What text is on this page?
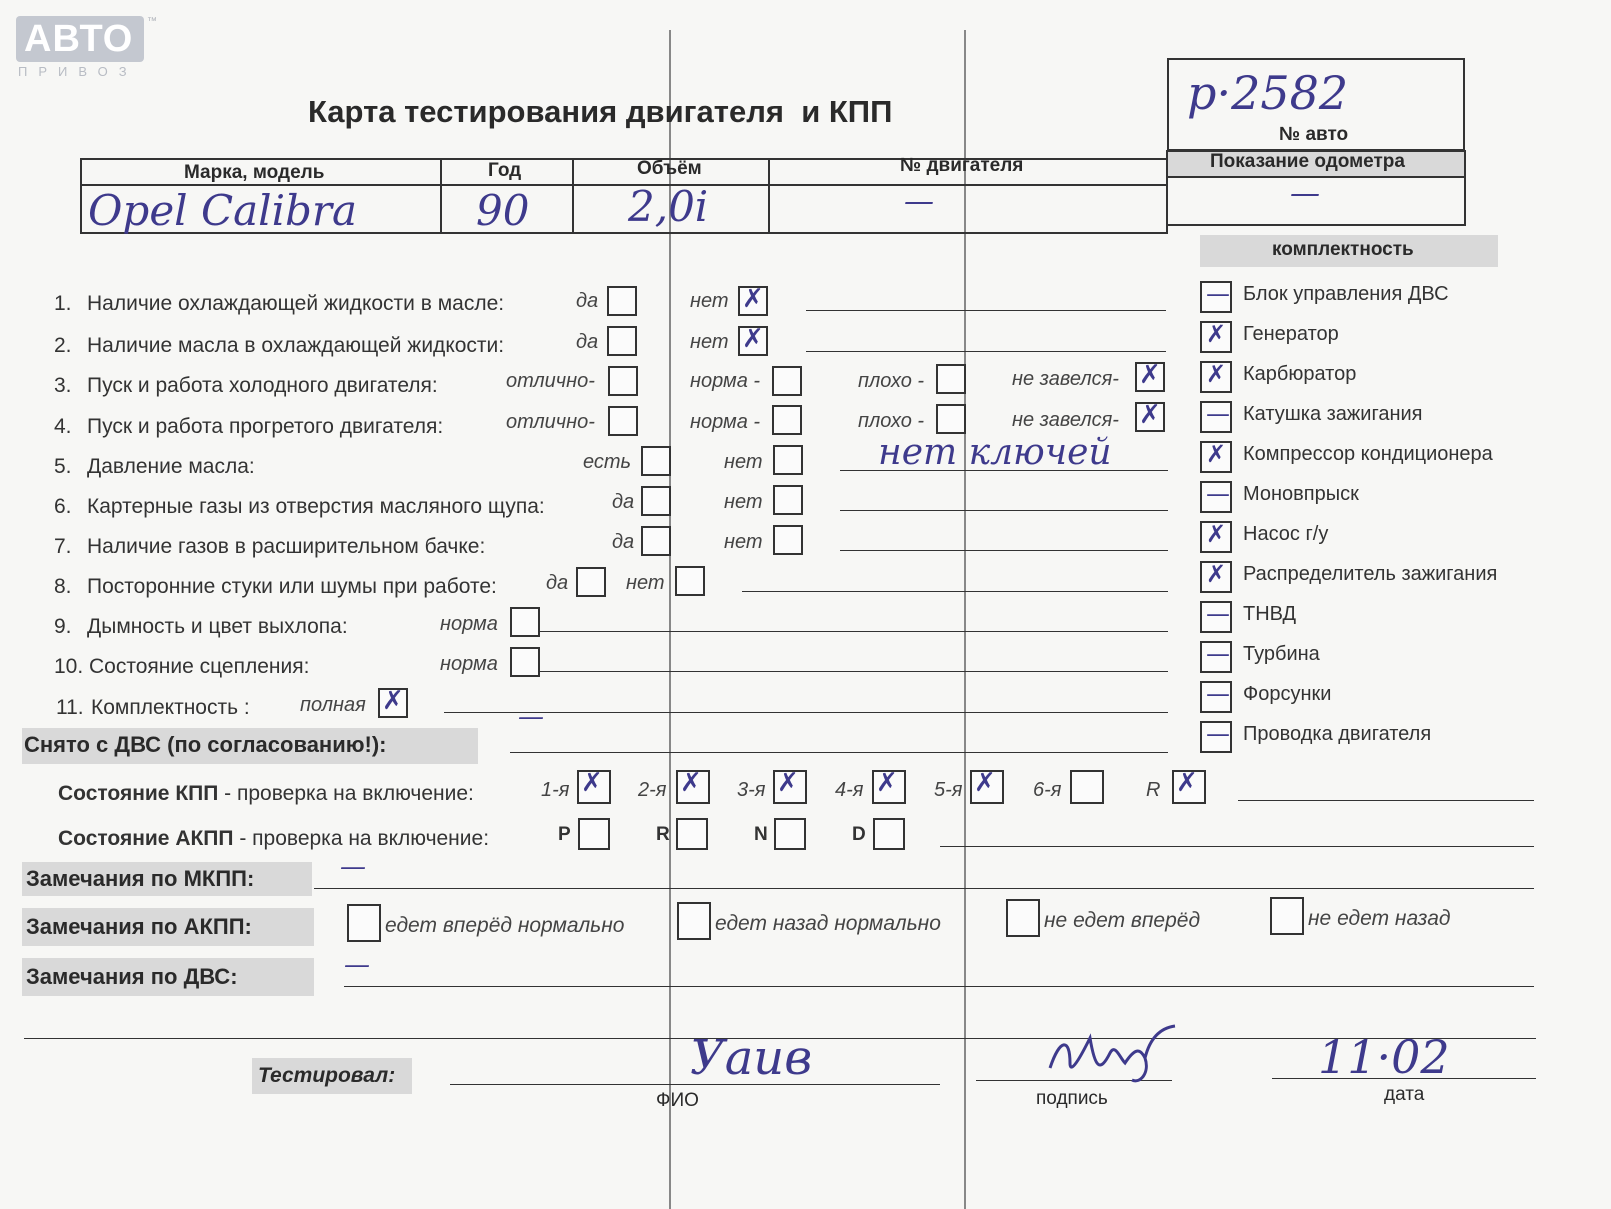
АВТО ™
ПРИВОЗ
Карта тестирования двигателя  и КПП	р·2582
№ авто
Марка, модель	Год	Объём	№ двигателя	Показание одометра
Opel Calibra	90 2,0i	—	—
1. Наличие охлаждающей жидкости в масле:	да	нет ✗
2. Наличие масла в охлаждающей жидкости:	да	нет ✗
3. Пуск и работа холодного двигателя:	отлично-	норма -	плохо -	не завелся- ✗
4. Пуск и работа прогретого двигателя:	отлично-	норма -	плохо -	не завелся- ✗
5. Давление масла:	есть	нет	нет ключей
6. Картерные газы из отверстия масляного щупа:	да	нет
7. Наличие газов в расширительном бачке:	да	нет
8. Посторонние стуки или шумы при работе: да	нет
9. Дымность и цвет выхлопа:	норма
10. Состояние сцепления:	норма
11. Комплектность :	полная ✗
—
комплектность
— Блок управления ДВС
✗ Генератор
✗ Карбюратор
— Катушка зажигания
✗ Компрессор кондиционера
— Моновпрыск
✗ Насос г/у
✗ Распределитель зажигания
— ТНВД
— Турбина
— Форсунки
— Проводка двигателя
Снято с ДВС (по согласованию!):
Состояние КПП - проверка на включение:	1-я ✗ 2-я ✗ 3-я ✗ 4-я ✗ 5-я ✗ 6-я	R ✗
Состояние АКПП - проверка на включение:	P	R	N	D
Замечания по МКПП:	—
Замечания по АКПП:	едет вперёд нормально	едет назад нормально	не едет вперёд	не едет назад
Замечания по ДВС:	—
Тестировал:	Уаив
ФИО	подпись
11·02
дата
